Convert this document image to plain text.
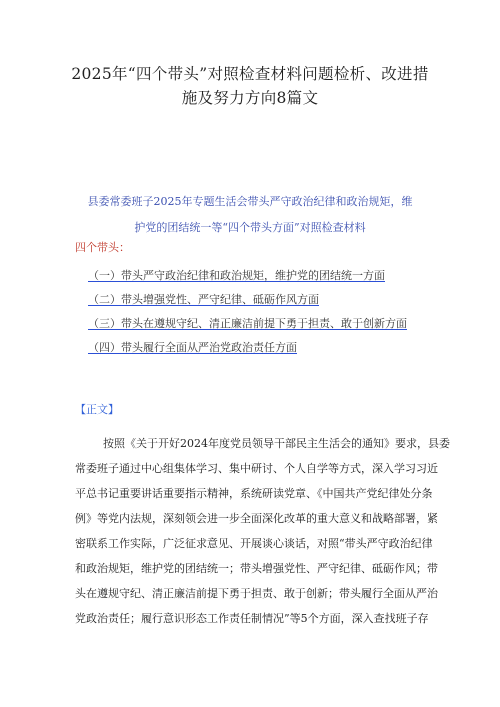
2025年“四个带头”对照检查材料问题检析、改进措
施及努力方向8篇文
县委常委班子2025年专题生活会带头严守政治纪律和政治规矩，维
护党的团结统一等“四个带头方面”对照检查材料
四个带头：
（一）带头严守政治纪律和政治规矩，维护党的团结统一方面
（二）带头增强党性、严守纪律、砥砺作风方面
（三）带头在遵规守纪、清正廉洁前提下勇于担责、敢于创新方面
（四）带头履行全面从严治党政治责任方面
【正文】
按照《关于开好2024年度党员领导干部民主生活会的通知》要求，县委
常委班子通过中心组集体学习、集中研讨、个人自学等方式，深入学习习近
平总书记重要讲话重要指示精神，系统研读党章、《中国共产党纪律处分条
例》等党内法规，深刻领会进一步全面深化改革的重大意义和战略部署，紧
密联系工作实际，广泛征求意见、开展谈心谈话，对照“带头严守政治纪律
和政治规矩，维护党的团结统一；带头增强党性、严守纪律、砥砺作风；带
头在遵规守纪、清正廉洁前提下勇于担责、敢于创新；带头履行全面从严治
党政治责任；履行意识形态工作责任制情况”等5个方面，深入查找班子存
